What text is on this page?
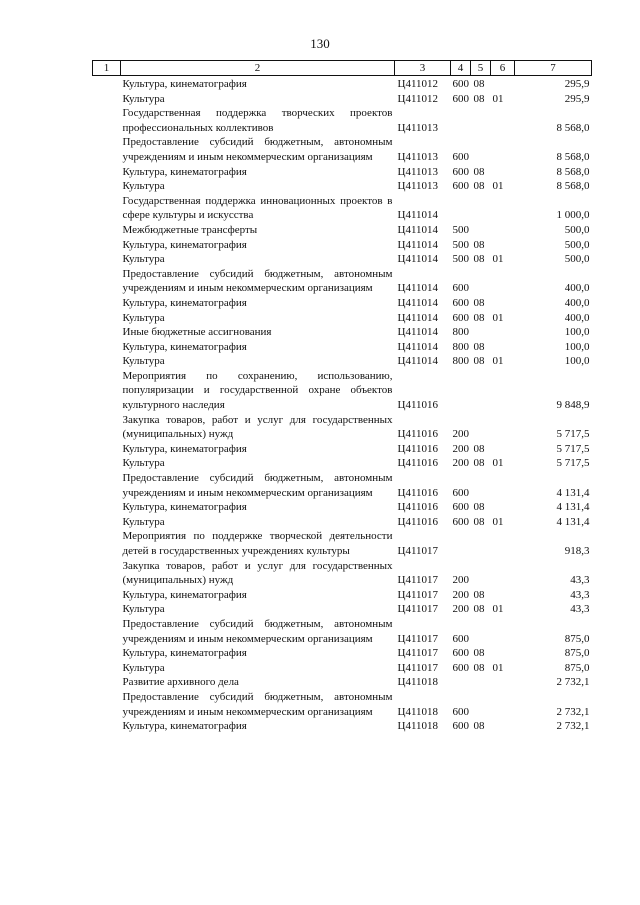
130
1	2	3	4	5	6	7
	Культура, кинематография	Ц411012	600	08		295,9
	Культура	Ц411012	600	08	01	295,9
	Государственная поддержка творческих проектов профессиональных коллективов	Ц411013				8 568,0
	Предоставление субсидий бюджетным, автономным учреждениям и иным некоммерческим организациям	Ц411013	600			8 568,0
	Культура, кинематография	Ц411013	600	08		8 568,0
	Культура	Ц411013	600	08	01	8 568,0
	Государственная поддержка инновационных проектов в сфере культуры и искусства	Ц411014				1 000,0
	Межбюджетные трансферты	Ц411014	500			500,0
	Культура, кинематография	Ц411014	500	08		500,0
	Культура	Ц411014	500	08	01	500,0
	Предоставление субсидий бюджетным, автономным учреждениям и иным некоммерческим организациям	Ц411014	600			400,0
	Культура, кинематография	Ц411014	600	08		400,0
	Культура	Ц411014	600	08	01	400,0
	Иные бюджетные ассигнования	Ц411014	800			100,0
	Культура, кинематография	Ц411014	800	08		100,0
	Культура	Ц411014	800	08	01	100,0
	Мероприятия по сохранению, использованию, популяризации и государственной охране объектов культурного наследия	Ц411016				9 848,9
	Закупка товаров, работ и услуг для государственных (муниципальных) нужд	Ц411016	200			5 717,5
	Культура, кинематография	Ц411016	200	08		5 717,5
	Культура	Ц411016	200	08	01	5 717,5
	Предоставление субсидий бюджетным, автономным учреждениям и иным некоммерческим организациям	Ц411016	600			4 131,4
	Культура, кинематография	Ц411016	600	08		4 131,4
	Культура	Ц411016	600	08	01	4 131,4
	Мероприятия по поддержке творческой деятельности детей в государственных учреждениях культуры	Ц411017				918,3
	Закупка товаров, работ и услуг для государственных (муниципальных) нужд	Ц411017	200			43,3
	Культура, кинематография	Ц411017	200	08		43,3
	Культура	Ц411017	200	08	01	43,3
	Предоставление субсидий бюджетным, автономным учреждениям и иным некоммерческим организациям	Ц411017	600			875,0
	Культура, кинематография	Ц411017	600	08		875,0
	Культура	Ц411017	600	08	01	875,0
	Развитие архивного дела	Ц411018				2 732,1
	Предоставление субсидий бюджетным, автономным учреждениям и иным некоммерческим организациям	Ц411018	600			2 732,1
	Культура, кинематография	Ц411018	600	08		2 732,1
